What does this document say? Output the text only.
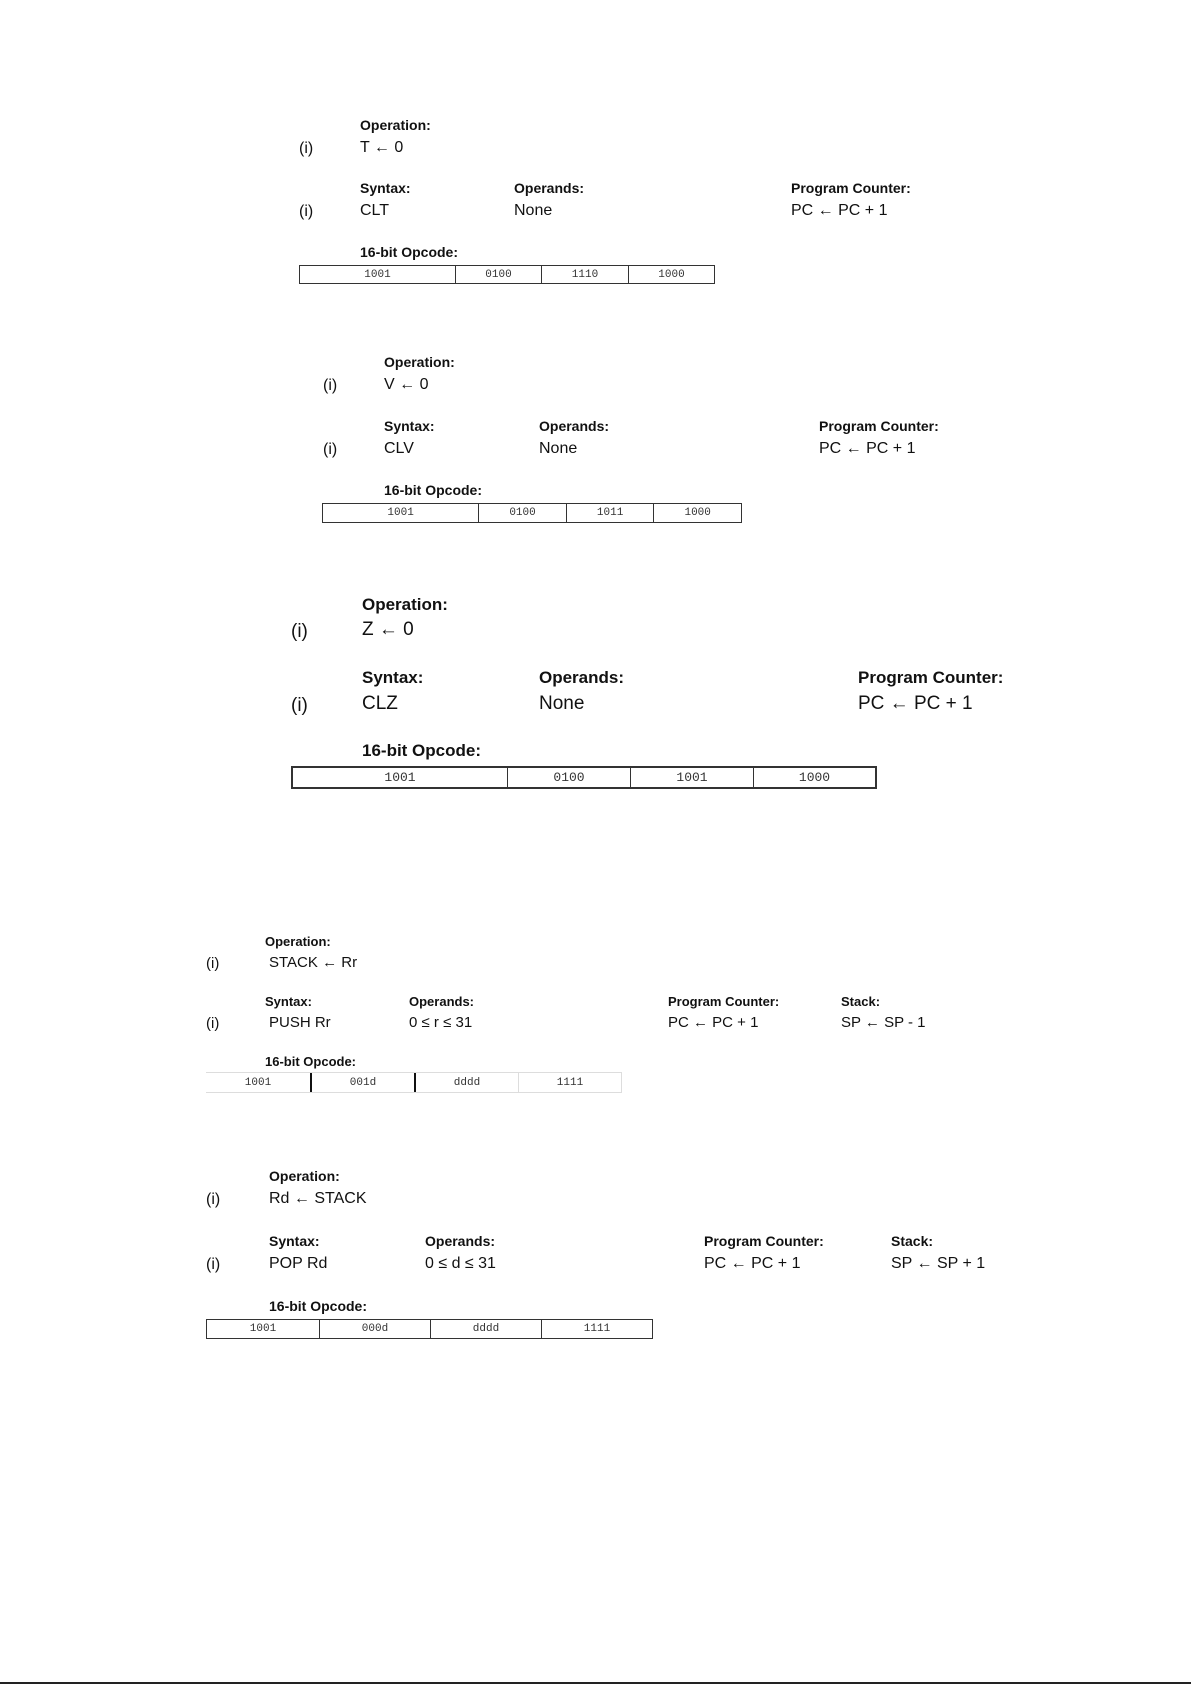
Operation:
(i)	T ← 0
Syntax:	Operands:	Program Counter:
(i)	CLT	None	PC ← PC + 1
16-bit Opcode:
1001	0100	1110	1000
Operation:
(i)	V ← 0
Syntax:	Operands:	Program Counter:
(i)	CLV	None	PC ← PC + 1
16-bit Opcode:
1001	0100	1011	1000
Operation:
(i)	Z ← 0
Syntax:	Operands:	Program Counter:
(i)	CLZ	None	PC ← PC + 1
16-bit Opcode:
1001	0100	1001	1000
Operation:
(i)	STACK ← Rr
Syntax:	Operands:	Program Counter:	Stack:
(i)	PUSH Rr	0 ≤ r ≤ 31	PC ← PC + 1	SP ← SP - 1
16-bit Opcode:
1001	001d	dddd	1111
Operation:
(i)	Rd ← STACK
Syntax:	Operands:	Program Counter:	Stack:
(i)	POP Rd	0 ≤ d ≤ 31	PC ← PC + 1	SP ← SP + 1
16-bit Opcode:
1001	000d	dddd	1111
